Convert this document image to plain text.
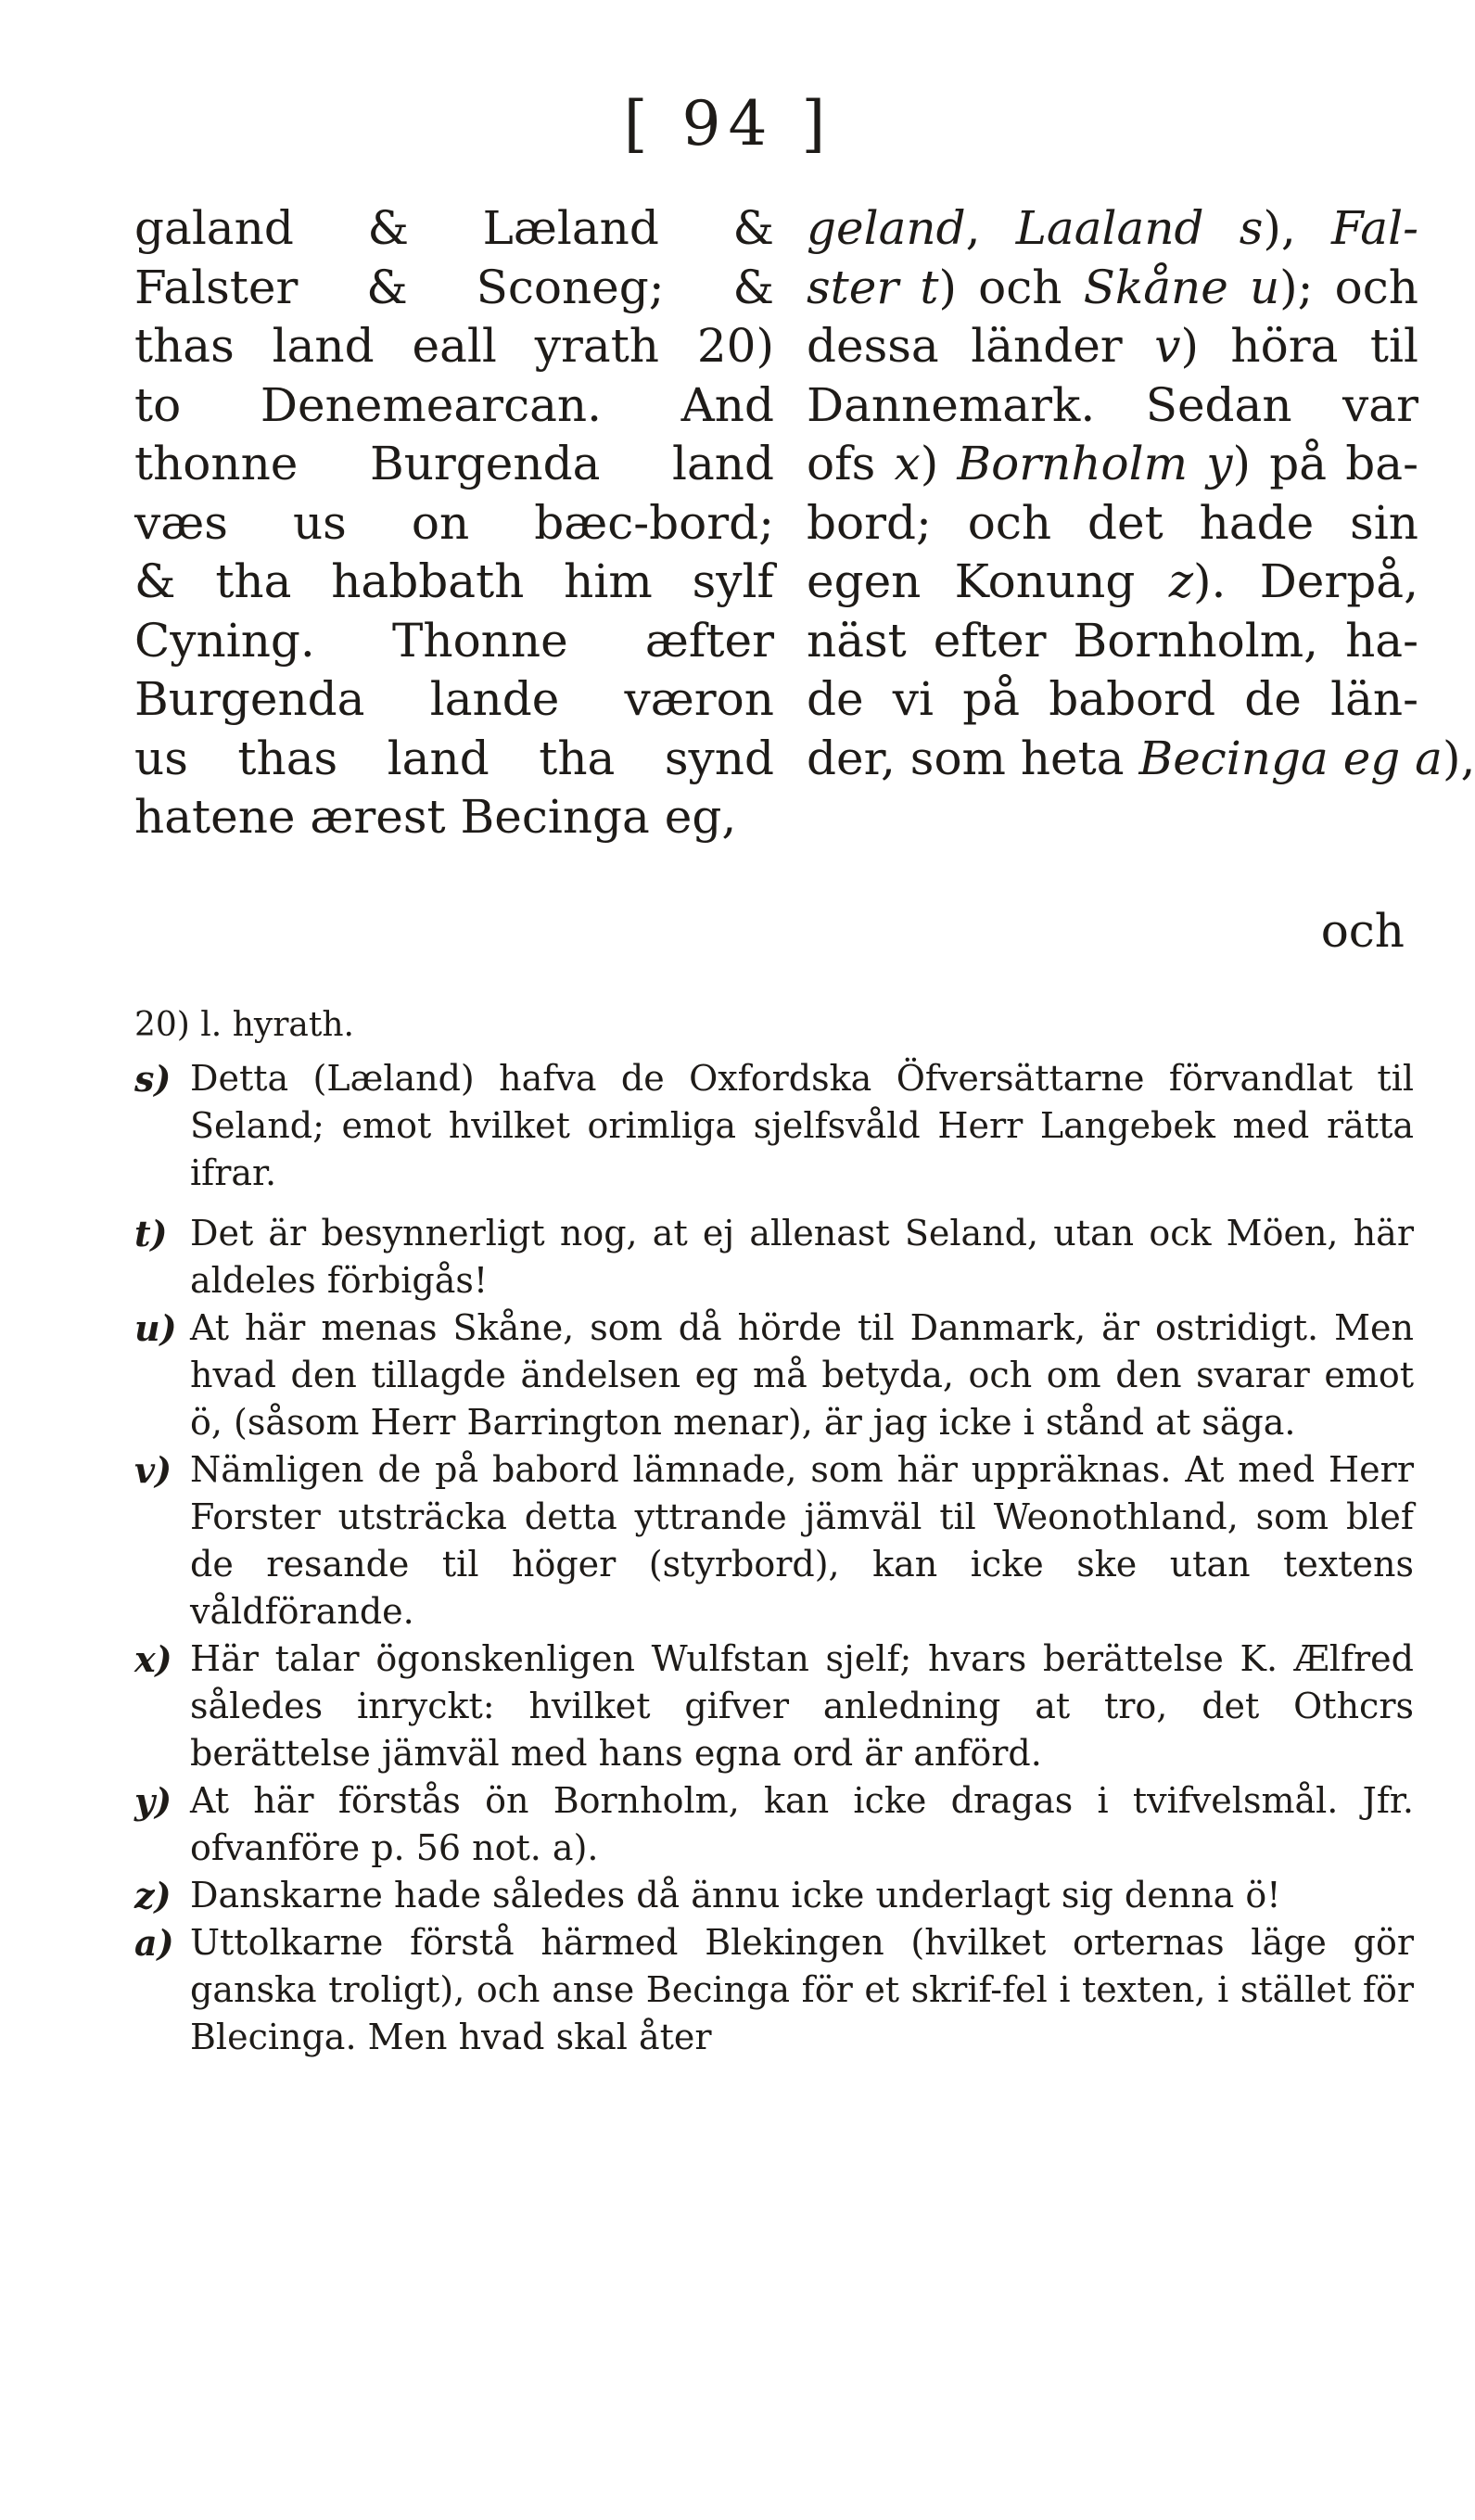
[ 94 ]
galand & Læland &
Falster & Sconeg; &
thas land eall yrath 20)
to Denemearcan. And
thonne Burgenda land
væs us on bæc-bord;
& tha habbath him sylf
Cyning. Thonne æfter
Burgenda lande væron
us thas land tha synd
hatene ærest Becinga eg,
geland, Laaland s), Fal-
ster t) och Skåne u); och
dessa länder v) höra til
Dannemark. Sedan var
ofs x) Bornholm y) på ba-
bord; och det hade sin
egen Konung z). Derpå,
näst efter Bornholm, ha-
de vi på babord de län-
der, som heta Becinga eg a),
och
20) l. hyrath.
s) Detta (Læland) hafva de Oxfordska Öfversättarne förvandlat til Seland; emot hvilket orimliga sjelfsvåld Herr Langebek med rätta ifrar.
t) Det är besynnerligt nog, at ej allenast Seland, utan ock Möen, här aldeles förbigås!
u) At här menas Skåne, som då hörde til Danmark, är ostridigt. Men hvad den tillagde ändelsen eg må betyda, och om den svarar emot ö, (såsom Herr Barrington menar), är jag icke i stånd at säga.
v) Nämligen de på babord lämnade, som här uppräknas. At med Herr Forster utsträcka detta yttrande jämväl til Weonothland, som blef de resande til höger (styrbord), kan icke ske utan textens våldförande.
x) Här talar ögonskenligen Wulfstan sjelf; hvars berättelse K. Ælfred således inryckt: hvilket gifver anledning at tro, det Othcrs berättelse jämväl med hans egna ord är anförd.
y) At här förstås ön Bornholm, kan icke dragas i tvifvelsmål. Jfr. ofvanföre p. 56 not. a).
z) Danskarne hade således då ännu icke underlagt sig denna ö!
a) Uttolkarne förstå härmed Blekingen (hvilket orternas läge gör ganska troligt), och anse Becinga för et skrif-fel i texten, i stället för Blecinga. Men hvad skal åter
